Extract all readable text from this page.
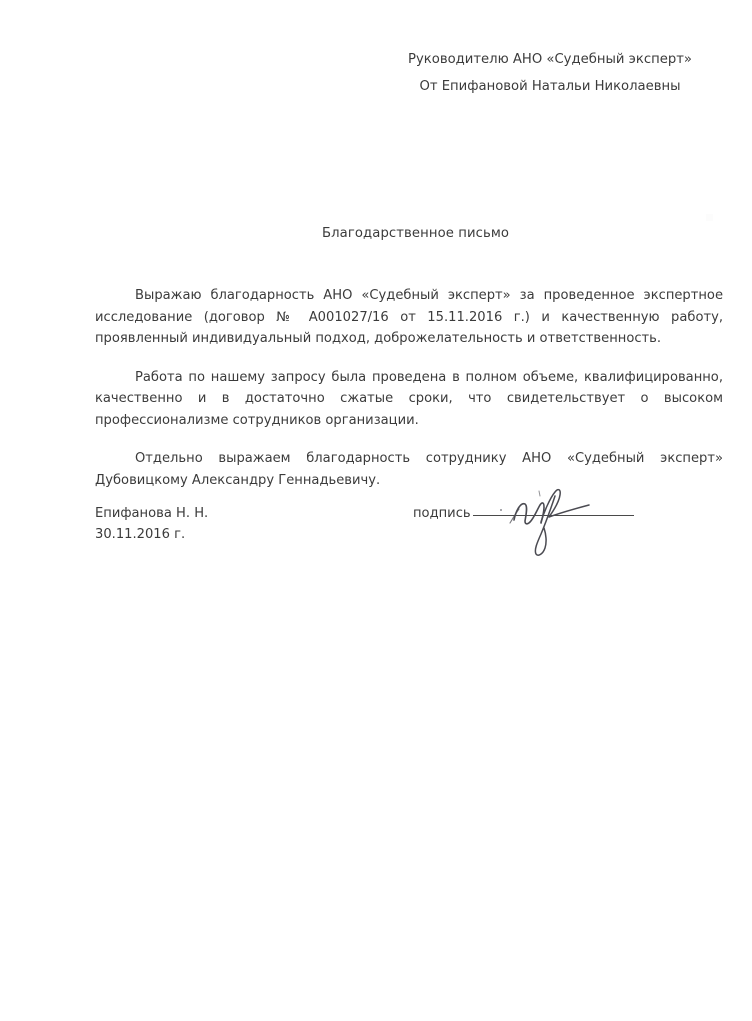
Руководителю АНО «Судебный эксперт»
От Епифановой Натальи Николаевны
Благодарственное письмо

Выражаю благодарность АНО «Судебный эксперт» за проведенное экспертное исследование (договор № А001027/16 от 15.11.2016 г.) и качественную работу, проявленный индивидуальный подход, доброжелательность и ответственность.

Работа по нашему запросу была проведена в полном объеме, квалифицированно, качественно и в достаточно сжатые сроки, что свидетельствует о высоком профессионализме сотрудников организации.

Отдельно выражаем благодарность сотруднику АНО «Судебный эксперт» Дубовицкому Александру Геннадьевичу.

Епифанова Н. Н.
30.11.2016 г.
подпись
